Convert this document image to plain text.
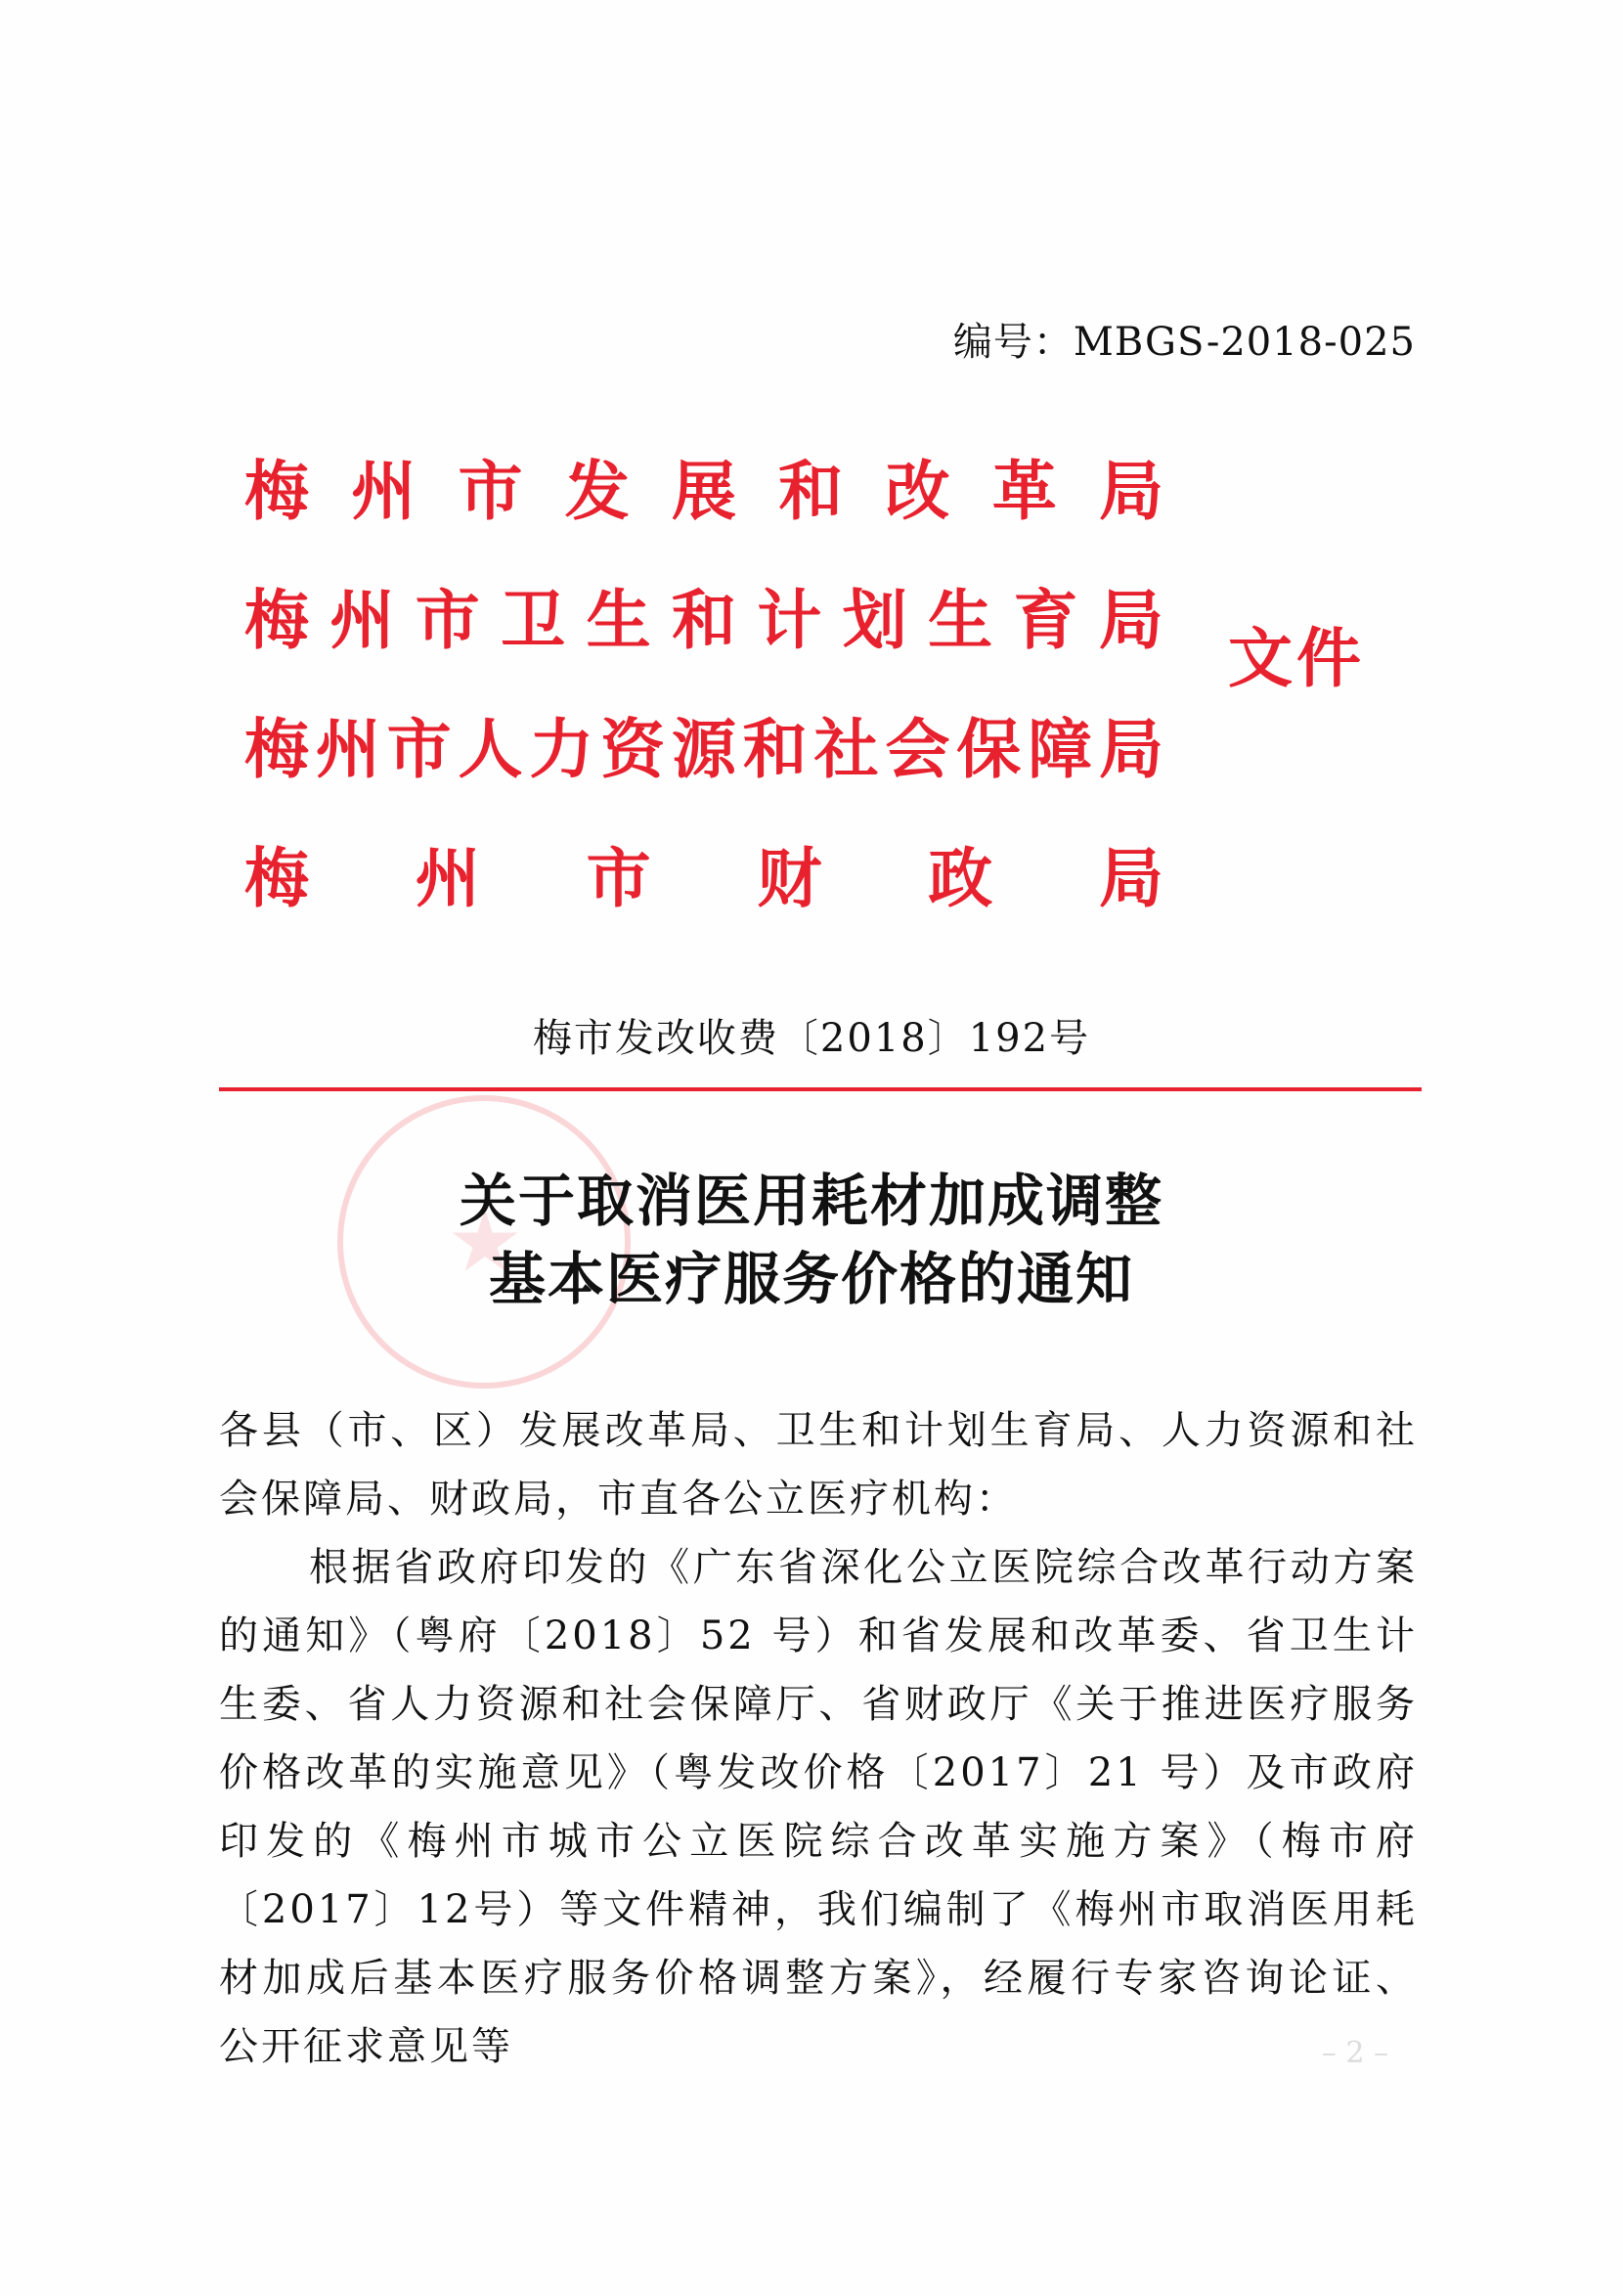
编号：MBGS-2018-025
梅 州 市 发 展 和 改 革 局
梅 州 市 卫 生 和 计 划 生 育 局
梅 州 市 人 力 资 源 和 社 会 保 障 局
梅 州 市 财 政 局
文件
梅市发改收费〔2018〕192号
关于取消医用耗材加成调整
基本医疗服务价格的通知

各县（市、区）发展改革局、卫生和计划生育局、人力资源和社会保障局、财政局，市直各公立医疗机构：

根据省政府印发的《广东省深化公立医院综合改革行动方案的通知》（粤府〔2018〕52 号）和省发展和改革委、省卫生计生委、省人力资源和社会保障厅、省财政厅《关于推进医疗服务价格改革的实施意见》（粤发改价格〔2017〕21 号）及市政府印发的《梅州市城市公立医院综合改革实施方案》（梅市府〔2017〕12号）等文件精神，我们编制了《梅州市取消医用耗材加成后基本医疗服务价格调整方案》，经履行专家咨询论证、公开征求意见等	– 2 –
